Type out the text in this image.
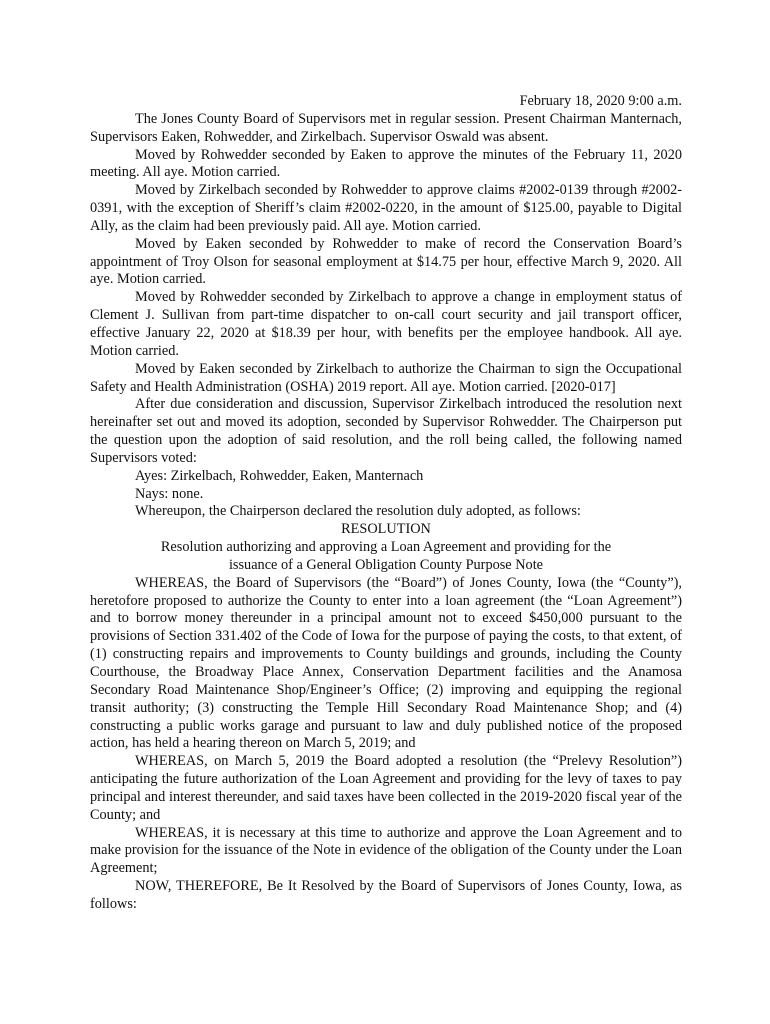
February 18, 2020 9:00 a.m.

The Jones County Board of Supervisors met in regular session. Present Chairman Manternach, Supervisors Eaken, Rohwedder, and Zirkelbach. Supervisor Oswald was absent.

Moved by Rohwedder seconded by Eaken to approve the minutes of the February 11, 2020 meeting. All aye. Motion carried.

Moved by Zirkelbach seconded by Rohwedder to approve claims #2002-0139 through #2002-0391, with the exception of Sheriff’s claim #2002-0220, in the amount of $125.00, payable to Digital Ally, as the claim had been previously paid. All aye. Motion carried.

Moved by Eaken seconded by Rohwedder to make of record the Conservation Board’s appointment of Troy Olson for seasonal employment at $14.75 per hour, effective March 9, 2020. All aye. Motion carried.

Moved by Rohwedder seconded by Zirkelbach to approve a change in employment status of Clement J. Sullivan from part-time dispatcher to on-call court security and jail transport officer, effective January 22, 2020 at $18.39 per hour, with benefits per the employee handbook. All aye. Motion carried.

Moved by Eaken seconded by Zirkelbach to authorize the Chairman to sign the Occupational Safety and Health Administration (OSHA) 2019 report. All aye. Motion carried. [2020-017]

After due consideration and discussion, Supervisor Zirkelbach introduced the resolution next hereinafter set out and moved its adoption, seconded by Supervisor Rohwedder. The Chairperson put the question upon the adoption of said resolution, and the roll being called, the following named Supervisors voted:

Ayes: Zirkelbach, Rohwedder, Eaken, Manternach

Nays: none.

Whereupon, the Chairperson declared the resolution duly adopted, as follows:

RESOLUTION

Resolution authorizing and approving a Loan Agreement and providing for the

issuance of a General Obligation County Purpose Note

WHEREAS, the Board of Supervisors (the “Board”) of Jones County, Iowa (the “County”), heretofore proposed to authorize the County to enter into a loan agreement (the “Loan Agreement”) and to borrow money thereunder in a principal amount not to exceed $450,000 pursuant to the provisions of Section 331.402 of the Code of Iowa for the purpose of paying the costs, to that extent, of (1) constructing repairs and improvements to County buildings and grounds, including the County Courthouse, the Broadway Place Annex, Conservation Department facilities and the Anamosa Secondary Road Maintenance Shop/Engineer’s Office; (2) improving and equipping the regional transit authority; (3) constructing the Temple Hill Secondary Road Maintenance Shop; and (4) constructing a public works garage and pursuant to law and duly published notice of the proposed action, has held a hearing thereon on March 5, 2019; and

WHEREAS, on March 5, 2019 the Board adopted a resolution (the “Prelevy Resolution”) anticipating the future authorization of the Loan Agreement and providing for the levy of taxes to pay principal and interest thereunder, and said taxes have been collected in the 2019-2020 fiscal year of the County; and

WHEREAS, it is necessary at this time to authorize and approve the Loan Agreement and to make provision for the issuance of the Note in evidence of the obligation of the County under the Loan Agreement;

NOW, THEREFORE, Be It Resolved by the Board of Supervisors of Jones County, Iowa, as follows:
